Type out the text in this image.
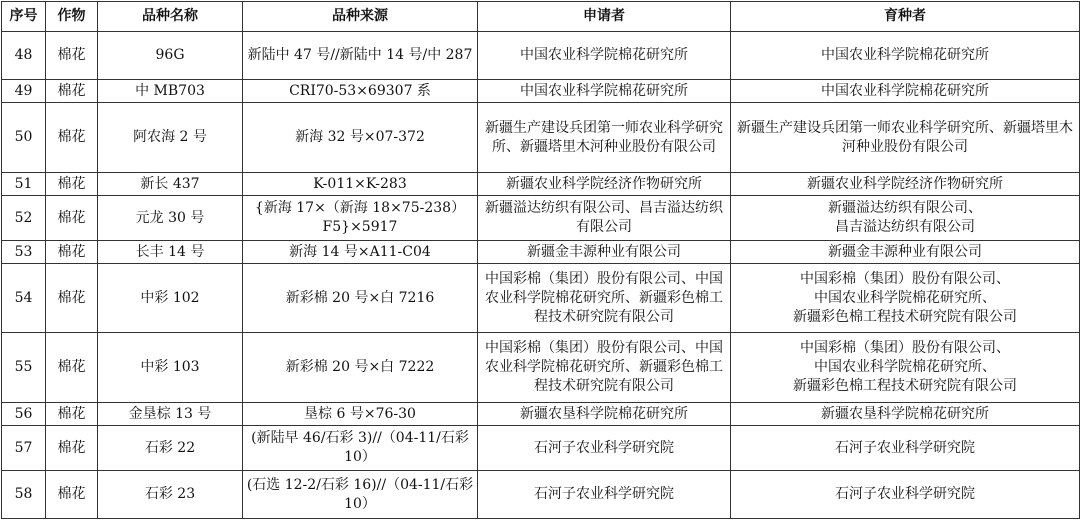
序号	作物	品种名称	品种来源	申请者	育种者
48	棉花	96G	新陆中 47 号//新陆中 14 号/中 287	中国农业科学院棉花研究所	中国农业科学院棉花研究所
49	棉花	中 MB703	CRI70-53×69307 系	中国农业科学院棉花研究所	中国农业科学院棉花研究所
50	棉花	阿农海 2 号	新海 32 号×07-372	新疆生产建设兵团第一师农业科学研究所、新疆塔里木河种业股份有限公司	新疆生产建设兵团第一师农业科学研究所、新疆塔里木河种业股份有限公司
51	棉花	新长 437	K-011×K-283	新疆农业科学院经济作物研究所	新疆农业科学院经济作物研究所
52	棉花	元龙 30 号	{新海 17×（新海 18×75-238）F5}×5917	新疆溢达纺织有限公司、昌吉溢达纺织有限公司	新疆溢达纺织有限公司、
昌吉溢达纺织有限公司
53	棉花	长丰 14 号	新海 14 号×A11-C04	新疆金丰源种业有限公司	新疆金丰源种业有限公司
54	棉花	中彩 102	新彩棉 20 号×白 7216	中国彩棉（集团）股份有限公司、中国农业科学院棉花研究所、新疆彩色棉工程技术研究院有限公司	中国彩棉（集团）股份有限公司、
中国农业科学院棉花研究所、
新疆彩色棉工程技术研究院有限公司
55	棉花	中彩 103	新彩棉 20 号×白 7222	中国彩棉（集团）股份有限公司、中国农业科学院棉花研究所、新疆彩色棉工程技术研究院有限公司	中国彩棉（集团）股份有限公司、
中国农业科学院棉花研究所、
新疆彩色棉工程技术研究院有限公司
56	棉花	金垦棕 13 号	垦棕 6 号×76-30	新疆农垦科学院棉花研究所	新疆农垦科学院棉花研究所
57	棉花	石彩 22	(新陆早 46/石彩 3)//（04-11/石彩 10）	石河子农业科学研究院	石河子农业科学研究院
58	棉花	石彩 23	(石选 12-2/石彩 16)//（04-11/石彩 10）	石河子农业科学研究院	石河子农业科学研究院
